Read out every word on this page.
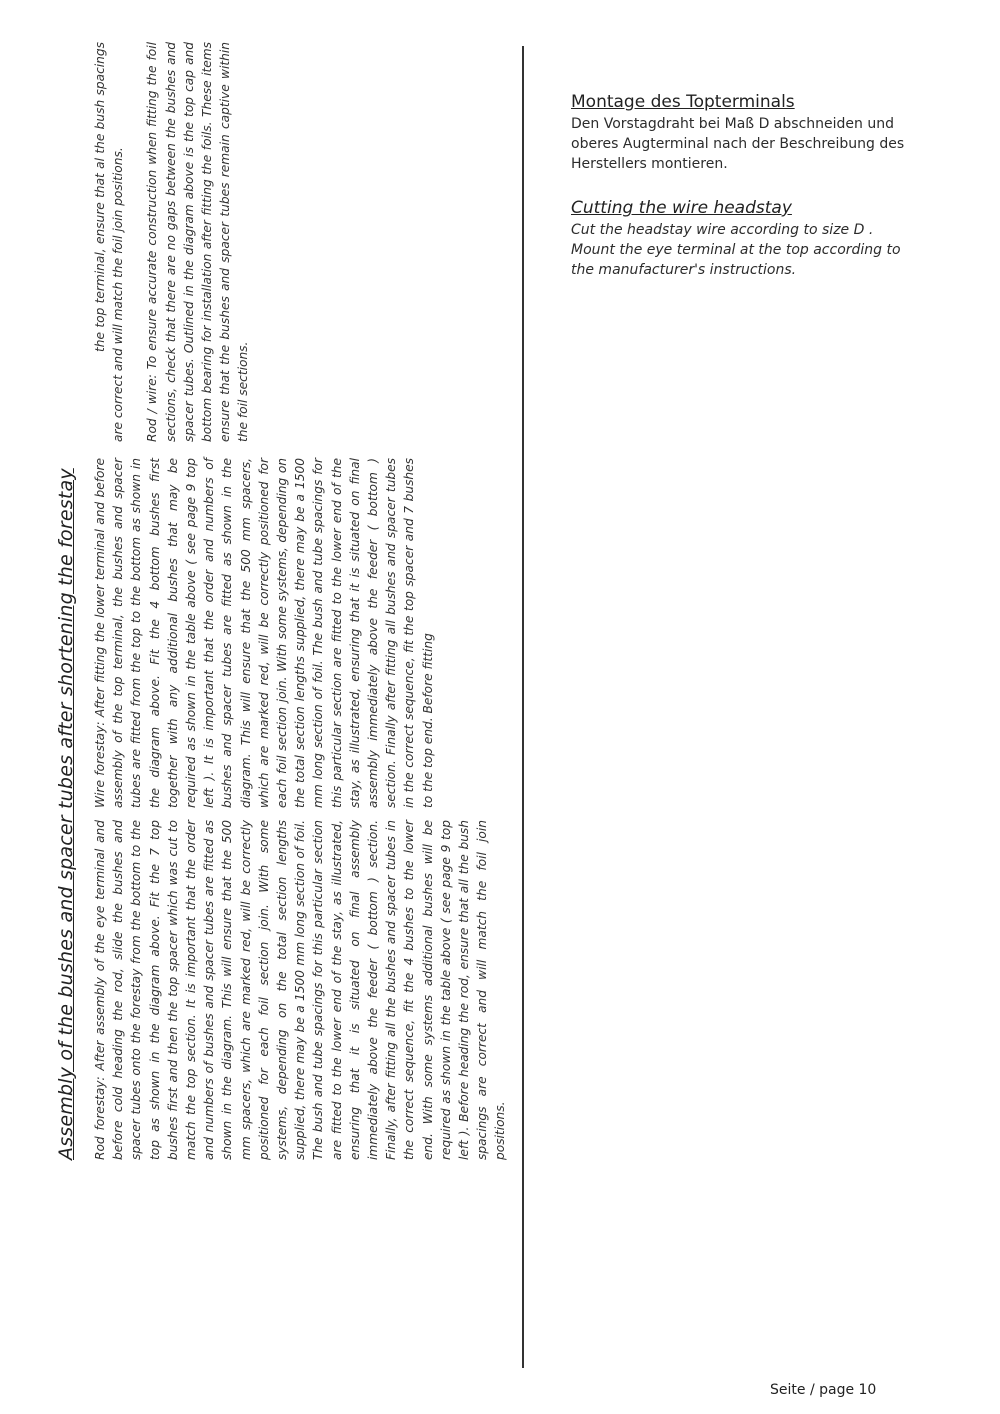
Assembly of the bushes and spacer tubes after shortening the forestay Rod forestay: After assembly of the eye terminal and before cold heading the rod, slide the bushes and spacer tubes onto the forestay from the bottom to the top as shown in the diagram above. Fit the 7 top bushes first and then the top spacer which was cut to match the top section. It is important that the order and numbers of bushes and spacer tubes are fitted as shown in the diagram. This will ensure that the 500 mm spacers, which are marked red, will be correctly positioned for each foil section join. With some systems, depending on the total section lengths supplied, there may be a 1500 mm long section of foil. The bush and tube spacings for this particular section are fitted to the lower end of the stay, as illustrated, ensuring that it is situated on final assembly immediately above the feeder ( bottom ) section. Finally, after fitting all the bushes and spacer tubes in the correct sequence, fit the 4 bushes to the lower end. With some systems additional bushes will be required as shown in the table above ( see page 9 top left ). Before heading the rod, ensure that all the bush spacings are correct and will match the foil join positions.
Wire forestay: After fitting the lower terminal and before assembly of the top terminal, the bushes and spacer tubes are fitted from the top to the bottom as shown in the diagram above. Fit the 4 bottom bushes first together with any additional bushes that may be required as shown in the table above ( see page 9 top left ). It is important that the order and numbers of bushes and spacer tubes are fitted as shown in the diagram. This will ensure that the 500 mm spacers, which are marked red, will be correctly positioned for each foil section join. With some systems, depending on the total section lengths supplied, there may be a 1500 mm long section of foil. The bush and tube spacings for this particular section are fitted to the lower end of the stay, as illustrated, ensuring that it is situated on final assembly immediately above the feeder ( bottom ) section. Finally after fitting all bushes and spacer tubes in the correct sequence, fit the top spacer and 7 bushes to the top end. Before fitting

the top terminal, ensure that al the bush spacings are correct and will match the foil join positions. Rod / wire: To ensure accurate construction when fitting the foil sections, check that there are no gaps between the bushes and spacer tubes. Outlined in the diagram above is the top cap and bottom bearing for installation after fitting the foils. These items ensure that the bushes and spacer tubes remain captive within the foil sections.

Montage des Topterminals

Den Vorstagdraht bei Maß D abschneiden und oberes Augterminal nach der Beschreibung des Herstellers montieren.

Cutting the wire headstay

Cut the headstay wire according to size D . Mount the eye terminal at the top according to the manufacturer's instructions.

Seite / page 10
